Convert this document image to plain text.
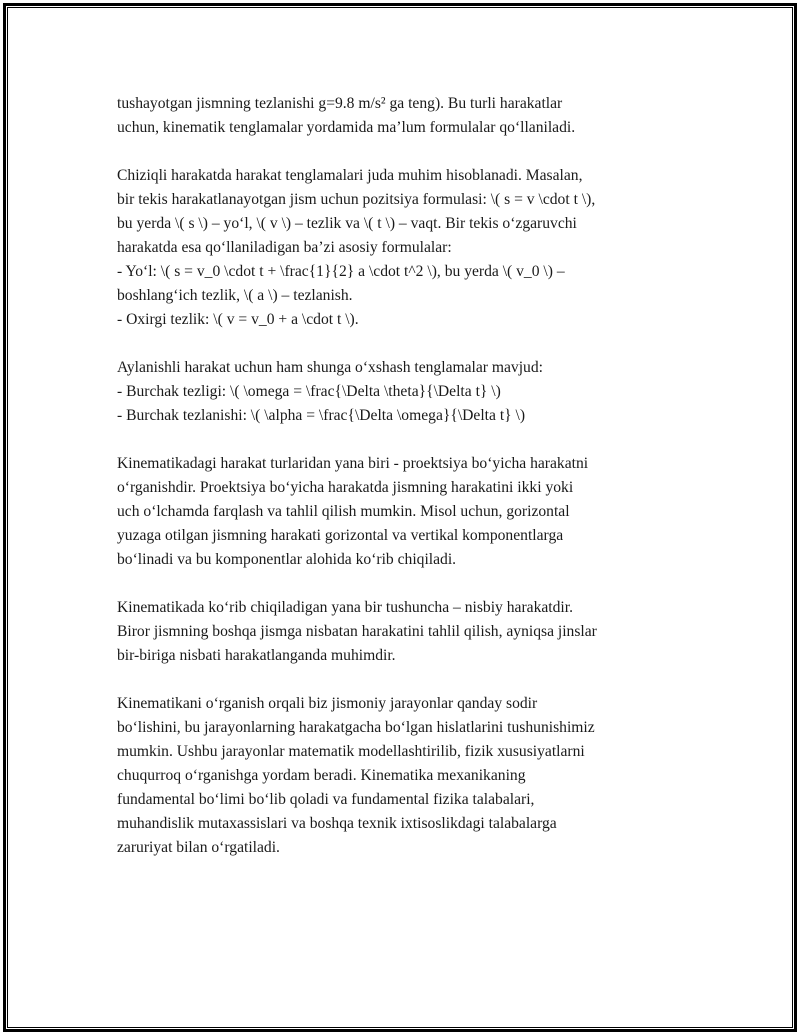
tushayotgan jismning tezlanishi g=9.8 m/s² ga teng). Bu turli harakatlar
uchun, kinematik tenglamalar yordamida ma’lum formulalar qo‘llaniladi.

Chiziqli harakatda harakat tenglamalari juda muhim hisoblanadi. Masalan,
bir tekis harakatlanayotgan jism uchun pozitsiya formulasi: \( s = v \cdot t \),
bu yerda \( s \) – yo‘l, \( v \) – tezlik va \( t \) – vaqt. Bir tekis o‘zgaruvchi
harakatda esa qo‘llaniladigan ba’zi asosiy formulalar:
- Yo‘l: \( s = v_0 \cdot t + \frac{1}{2} a \cdot t^2 \), bu yerda \( v_0 \) –
boshlang‘ich tezlik, \( a \) – tezlanish.
- Oxirgi tezlik: \( v = v_0 + a \cdot t \).

Aylanishli harakat uchun ham shunga o‘xshash tenglamalar mavjud:
- Burchak tezligi: \( \omega = \frac{\Delta \theta}{\Delta t} \)
- Burchak tezlanishi: \( \alpha = \frac{\Delta \omega}{\Delta t} \)

Kinematikadagi harakat turlaridan yana biri - proektsiya bo‘yicha harakatni
o‘rganishdir. Proektsiya bo‘yicha harakatda jismning harakatini ikki yoki
uch o‘lchamda farqlash va tahlil qilish mumkin. Misol uchun, gorizontal
yuzaga otilgan jismning harakati gorizontal va vertikal komponentlarga
bo‘linadi va bu komponentlar alohida ko‘rib chiqiladi.

Kinematikada ko‘rib chiqiladigan yana bir tushuncha – nisbiy harakatdir.
Biror jismning boshqa jismga nisbatan harakatini tahlil qilish, ayniqsa jinslar
bir-biriga nisbati harakatlanganda muhimdir.

Kinematikani o‘rganish orqali biz jismoniy jarayonlar qanday sodir
bo‘lishini, bu jarayonlarning harakatgacha bo‘lgan hislatlarini tushunishimiz
mumkin. Ushbu jarayonlar matematik modellashtirilib, fizik xususiyatlarni
chuqurroq o‘rganishga yordam beradi. Kinematika mexanikaning
fundamental bo‘limi bo‘lib qoladi va fundamental fizika talabalari,
muhandislik mutaxassislari va boshqa texnik ixtisoslikdagi talabalarga
zaruriyat bilan o‘rgatiladi.
